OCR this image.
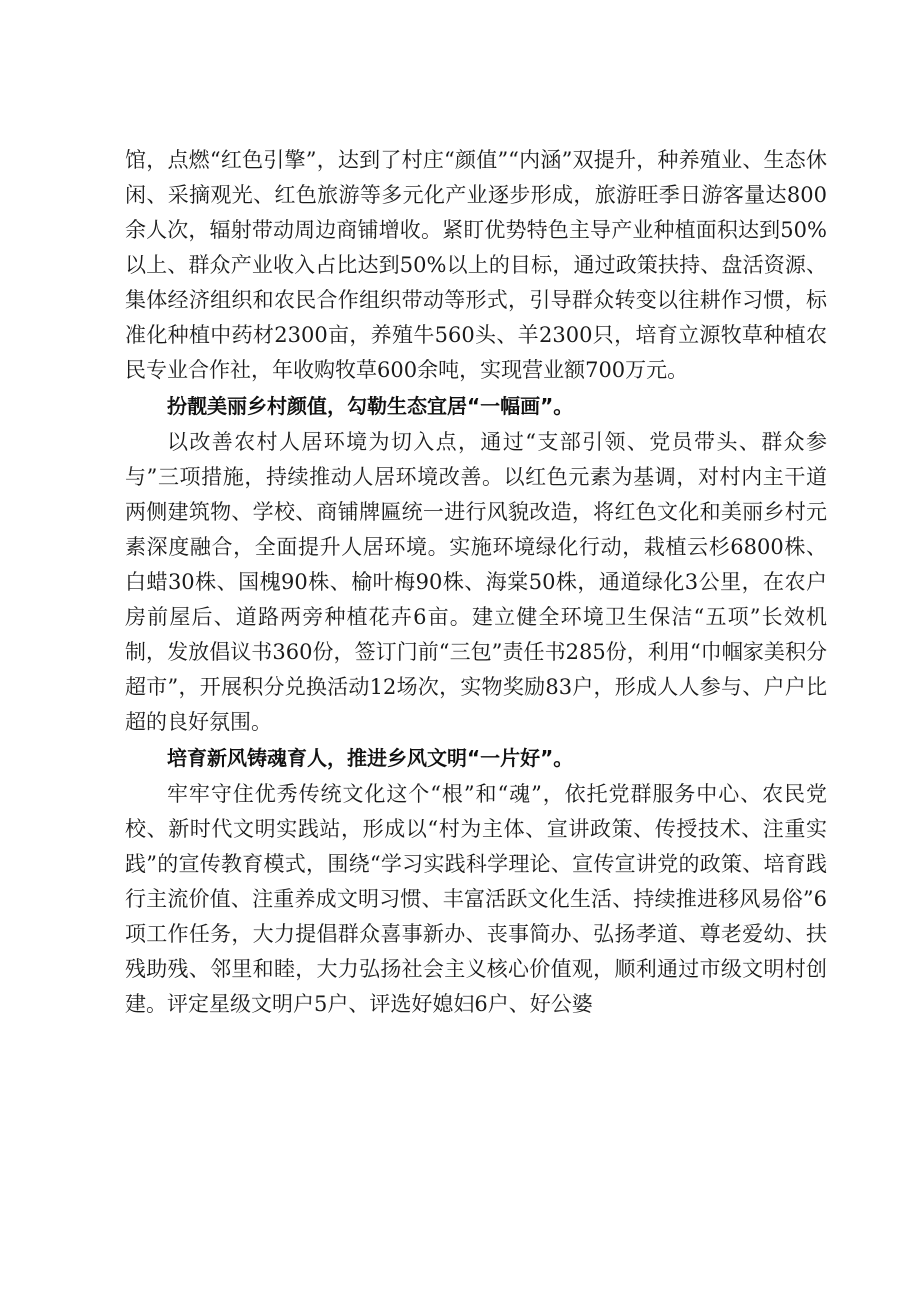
馆，点燃“红色引擎”，达到了村庄“颜值”“内涵”双提升，种养殖业、生态休闲、采摘观光、红色旅游等多元化产业逐步形成，旅游旺季日游客量达800余人次，辐射带动周边商铺增收。紧盯优势特色主导产业种植面积达到50%以上、群众产业收入占比达到50%以上的目标，通过政策扶持、盘活资源、集体经济组织和农民合作组织带动等形式，引导群众转变以往耕作习惯，标准化种植中药材2300亩，养殖牛560头、羊2300只，培育立源牧草种植农民专业合作社，年收购牧草600余吨，实现营业额700万元。

扮靓美丽乡村颜值，勾勒生态宜居“一幅画”。

以改善农村人居环境为切入点，通过“支部引领、党员带头、群众参与”三项措施，持续推动人居环境改善。以红色元素为基调，对村内主干道两侧建筑物、学校、商铺牌匾统一进行风貌改造，将红色文化和美丽乡村元素深度融合，全面提升人居环境。实施环境绿化行动，栽植云杉6800株、白蜡30株、国槐90株、榆叶梅90株、海棠50株，通道绿化3公里，在农户房前屋后、道路两旁种植花卉6亩。建立健全环境卫生保洁“五项”长效机制，发放倡议书360份，签订门前“三包”责任书285份，利用“巾帼家美积分超市”，开展积分兑换活动12场次，实物奖励83户，形成人人参与、户户比超的良好氛围。

培育新风铸魂育人，推进乡风文明“一片好”。

牢牢守住优秀传统文化这个“根”和“魂”，依托党群服务中心、农民党校、新时代文明实践站，形成以“村为主体、宣讲政策、传授技术、注重实践”的宣传教育模式，围绕“学习实践科学理论、宣传宣讲党的政策、培育践行主流价值、注重养成文明习惯、丰富活跃文化生活、持续推进移风易俗”6项工作任务，大力提倡群众喜事新办、丧事简办、弘扬孝道、尊老爱幼、扶残助残、邻里和睦，大力弘扬社会主义核心价值观，顺利通过市级文明村创建。评定星级文明户5户、评选好媳妇6户、好公婆
